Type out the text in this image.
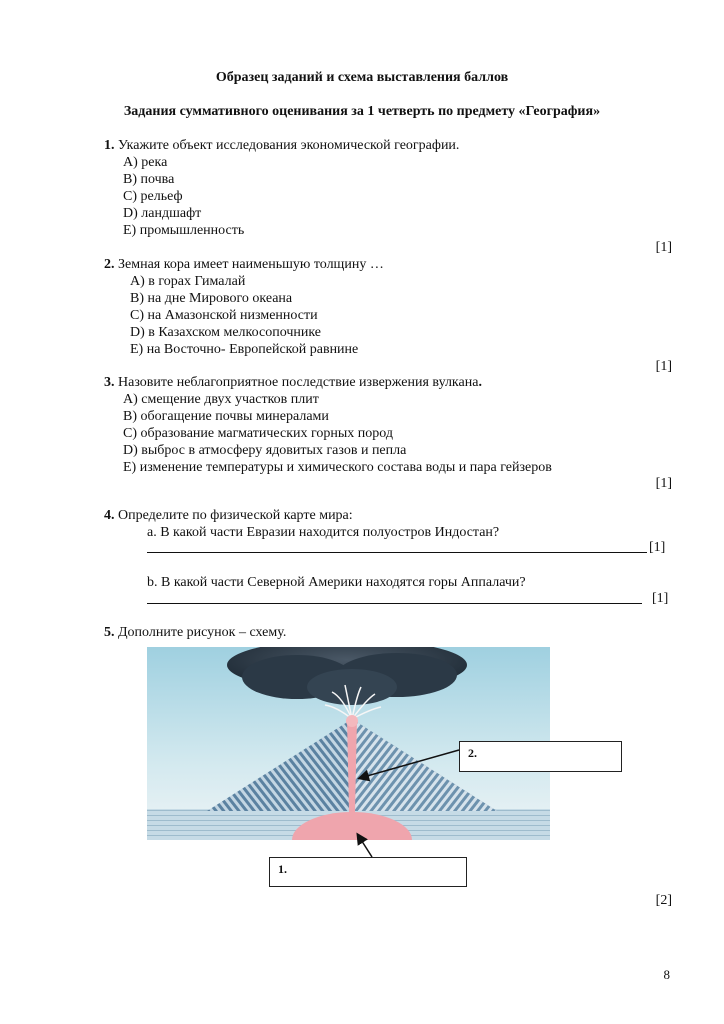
Образец заданий и схема выставления баллов
Задания суммативного оценивания за 1 четверть по предмету «География»
1. Укажите объект исследования экономической географии.
A) река
B) почва
C) рельеф
D) ландшафт
E) промышленность
[1]
2. Земная кора имеет наименьшую толщину …
A) в горах Гималай
B) на дне Мирового океана
C) на Амазонской низменности
D) в Казахском мелкосопочнике
E) на Восточно- Европейской равнине
[1]
3. Назовите неблагоприятное последствие извержения вулкана.
A) смещение двух участков плит
B) обогащение почвы минералами
C) образование магматических горных пород
D) выброс в атмосферу ядовитых газов и пепла
E) изменение температуры и химического состава воды и пара гейзеров
[1]
4. Определите по физической карте мира:
a. В какой части Евразии находится полуостров Индостан?
[1]
b. В какой части Северной Америки находятся горы Аппалачи?
[1]
5. Дополните рисунок – схему.
2.
1.
[2]
8
